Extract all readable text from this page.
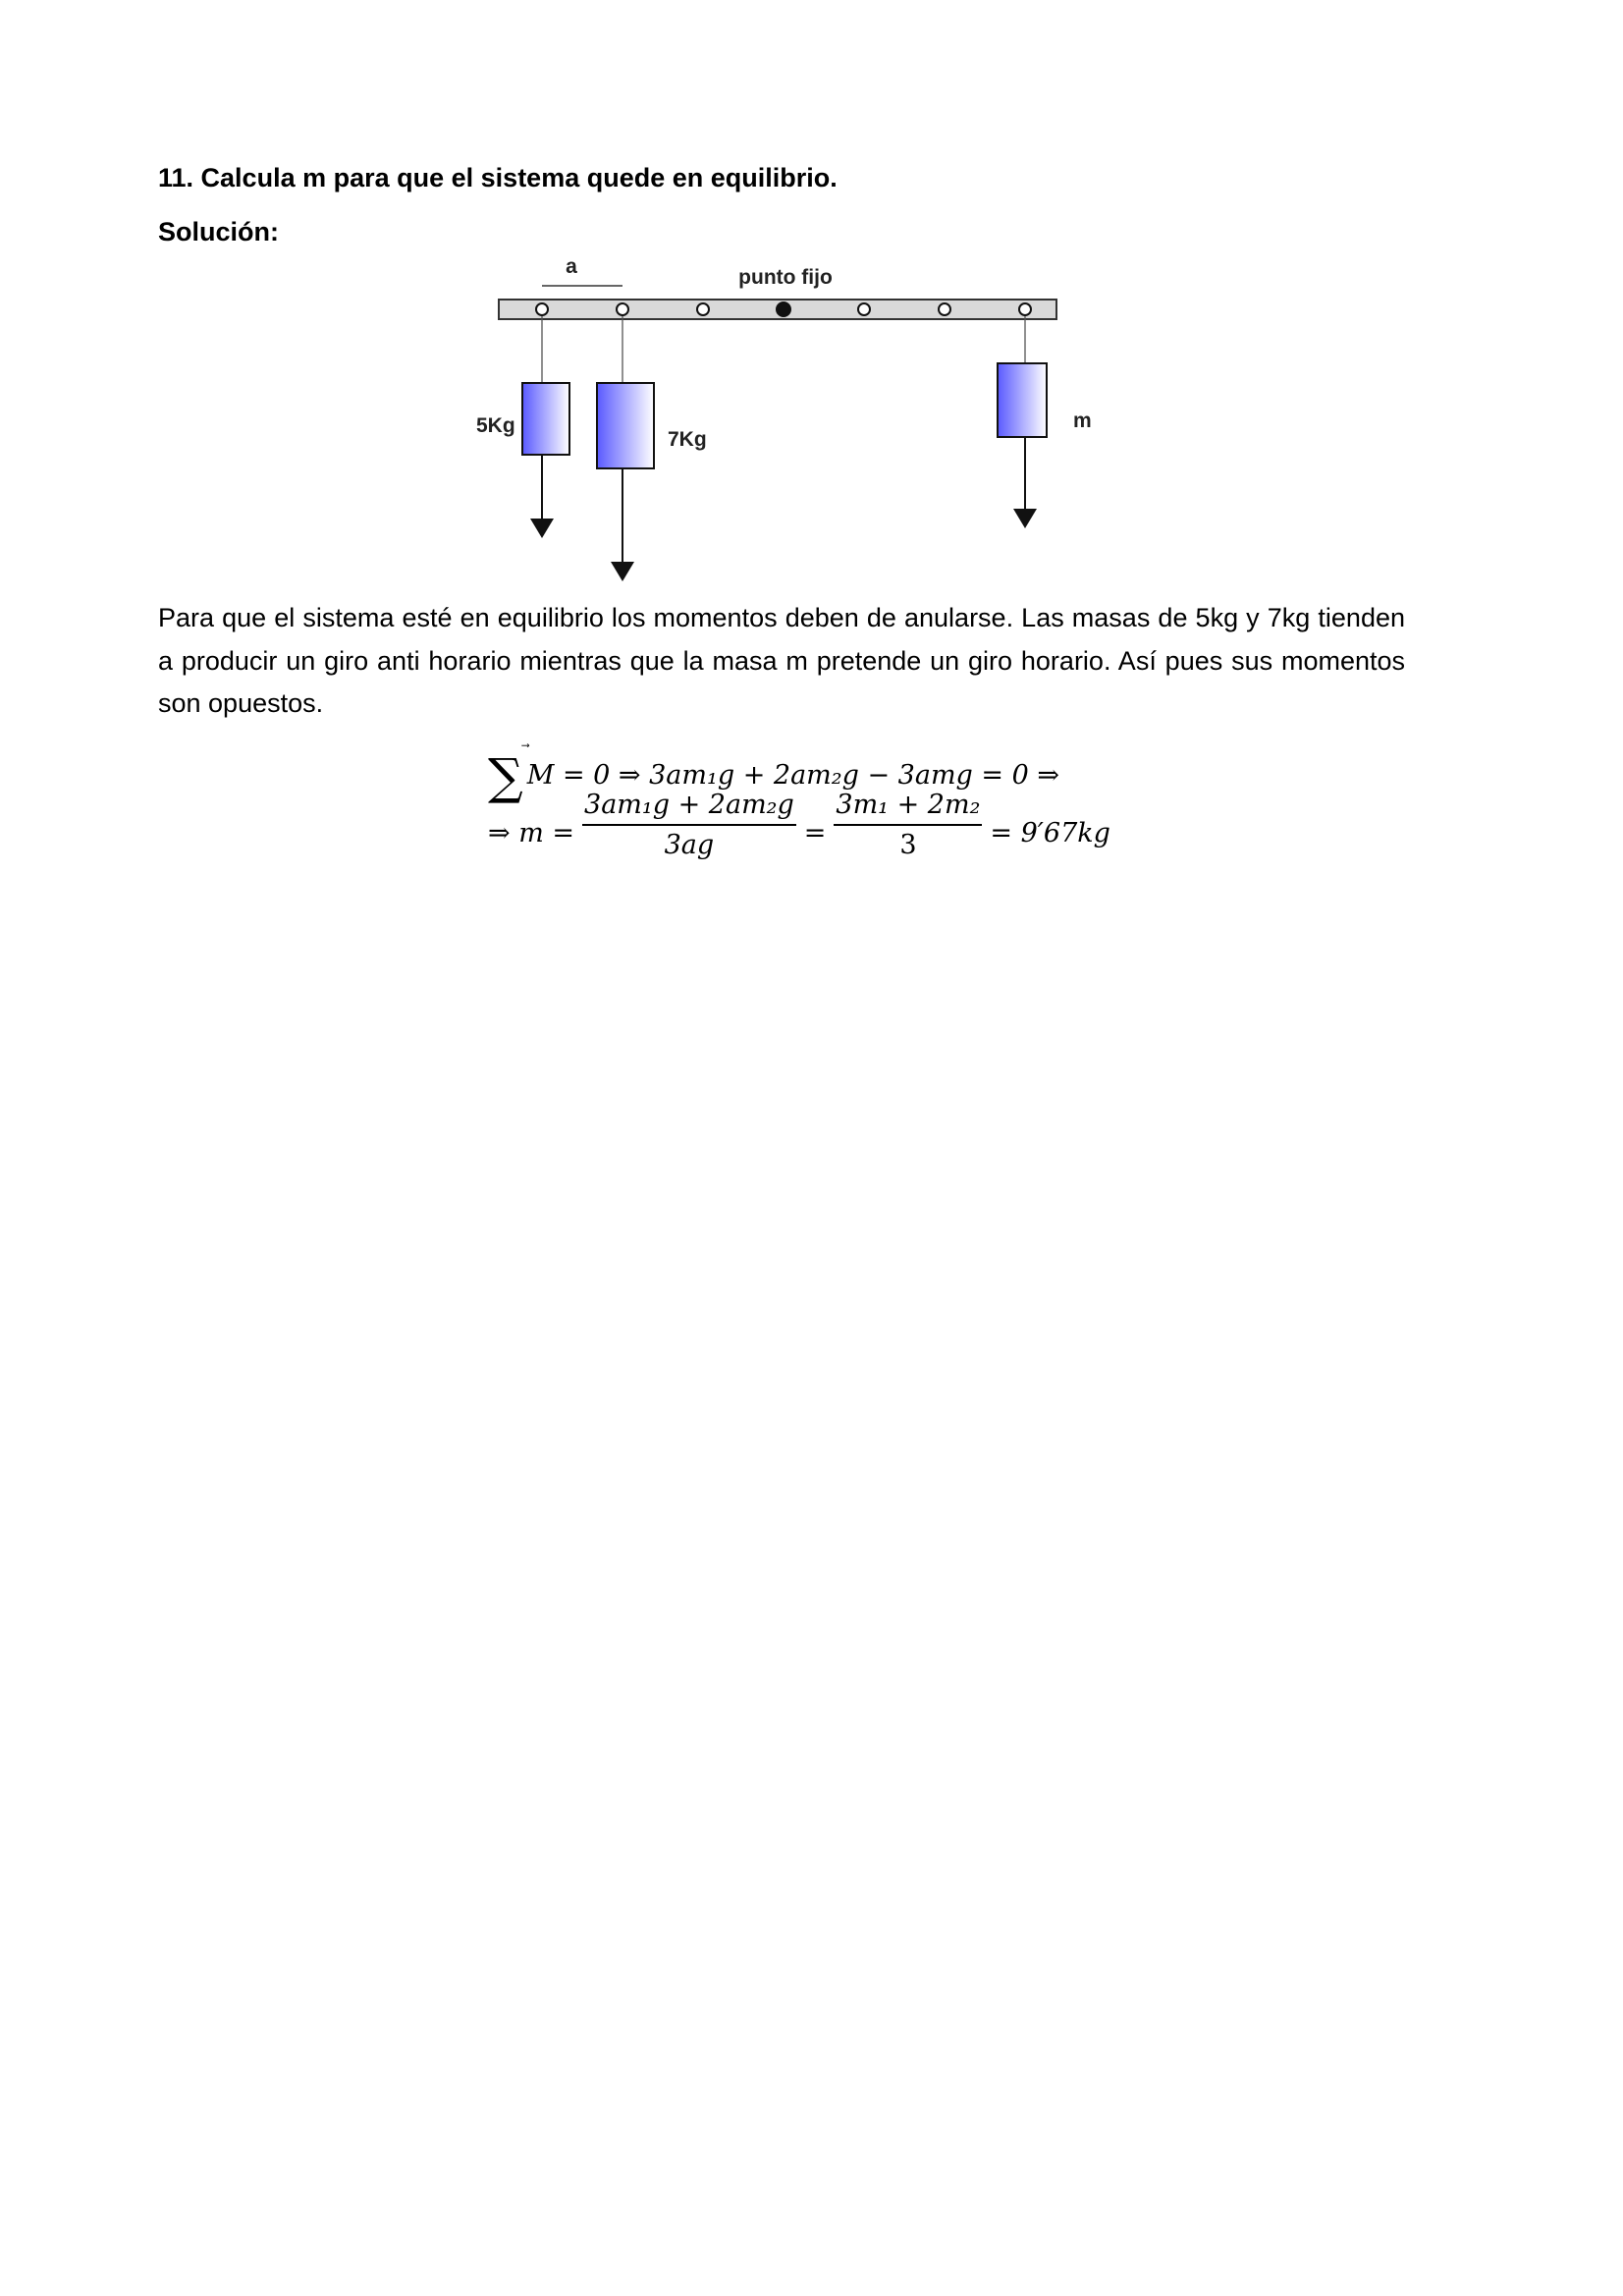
11. Calcula m para que el sistema quede en equilibrio.
Solución:
a	punto fijo
5Kg
7Kg
m
Para que el sistema esté en equilibrio los momentos deben de anularse. Las masas de 5kg y 7kg tienden a producir un giro anti horario mientras que la masa m pretende un giro horario. Así pues sus momentos son opuestos.
∑ M = 0 ⇒ 3am₁g + 2am₂g − 3amg = 0 ⇒
⇒ $m = \frac{\text{3am₁g + 2am₂g}}{3ag} = \frac{\text{3m₁ + 2m₂}}{3} = 9'67kg$
